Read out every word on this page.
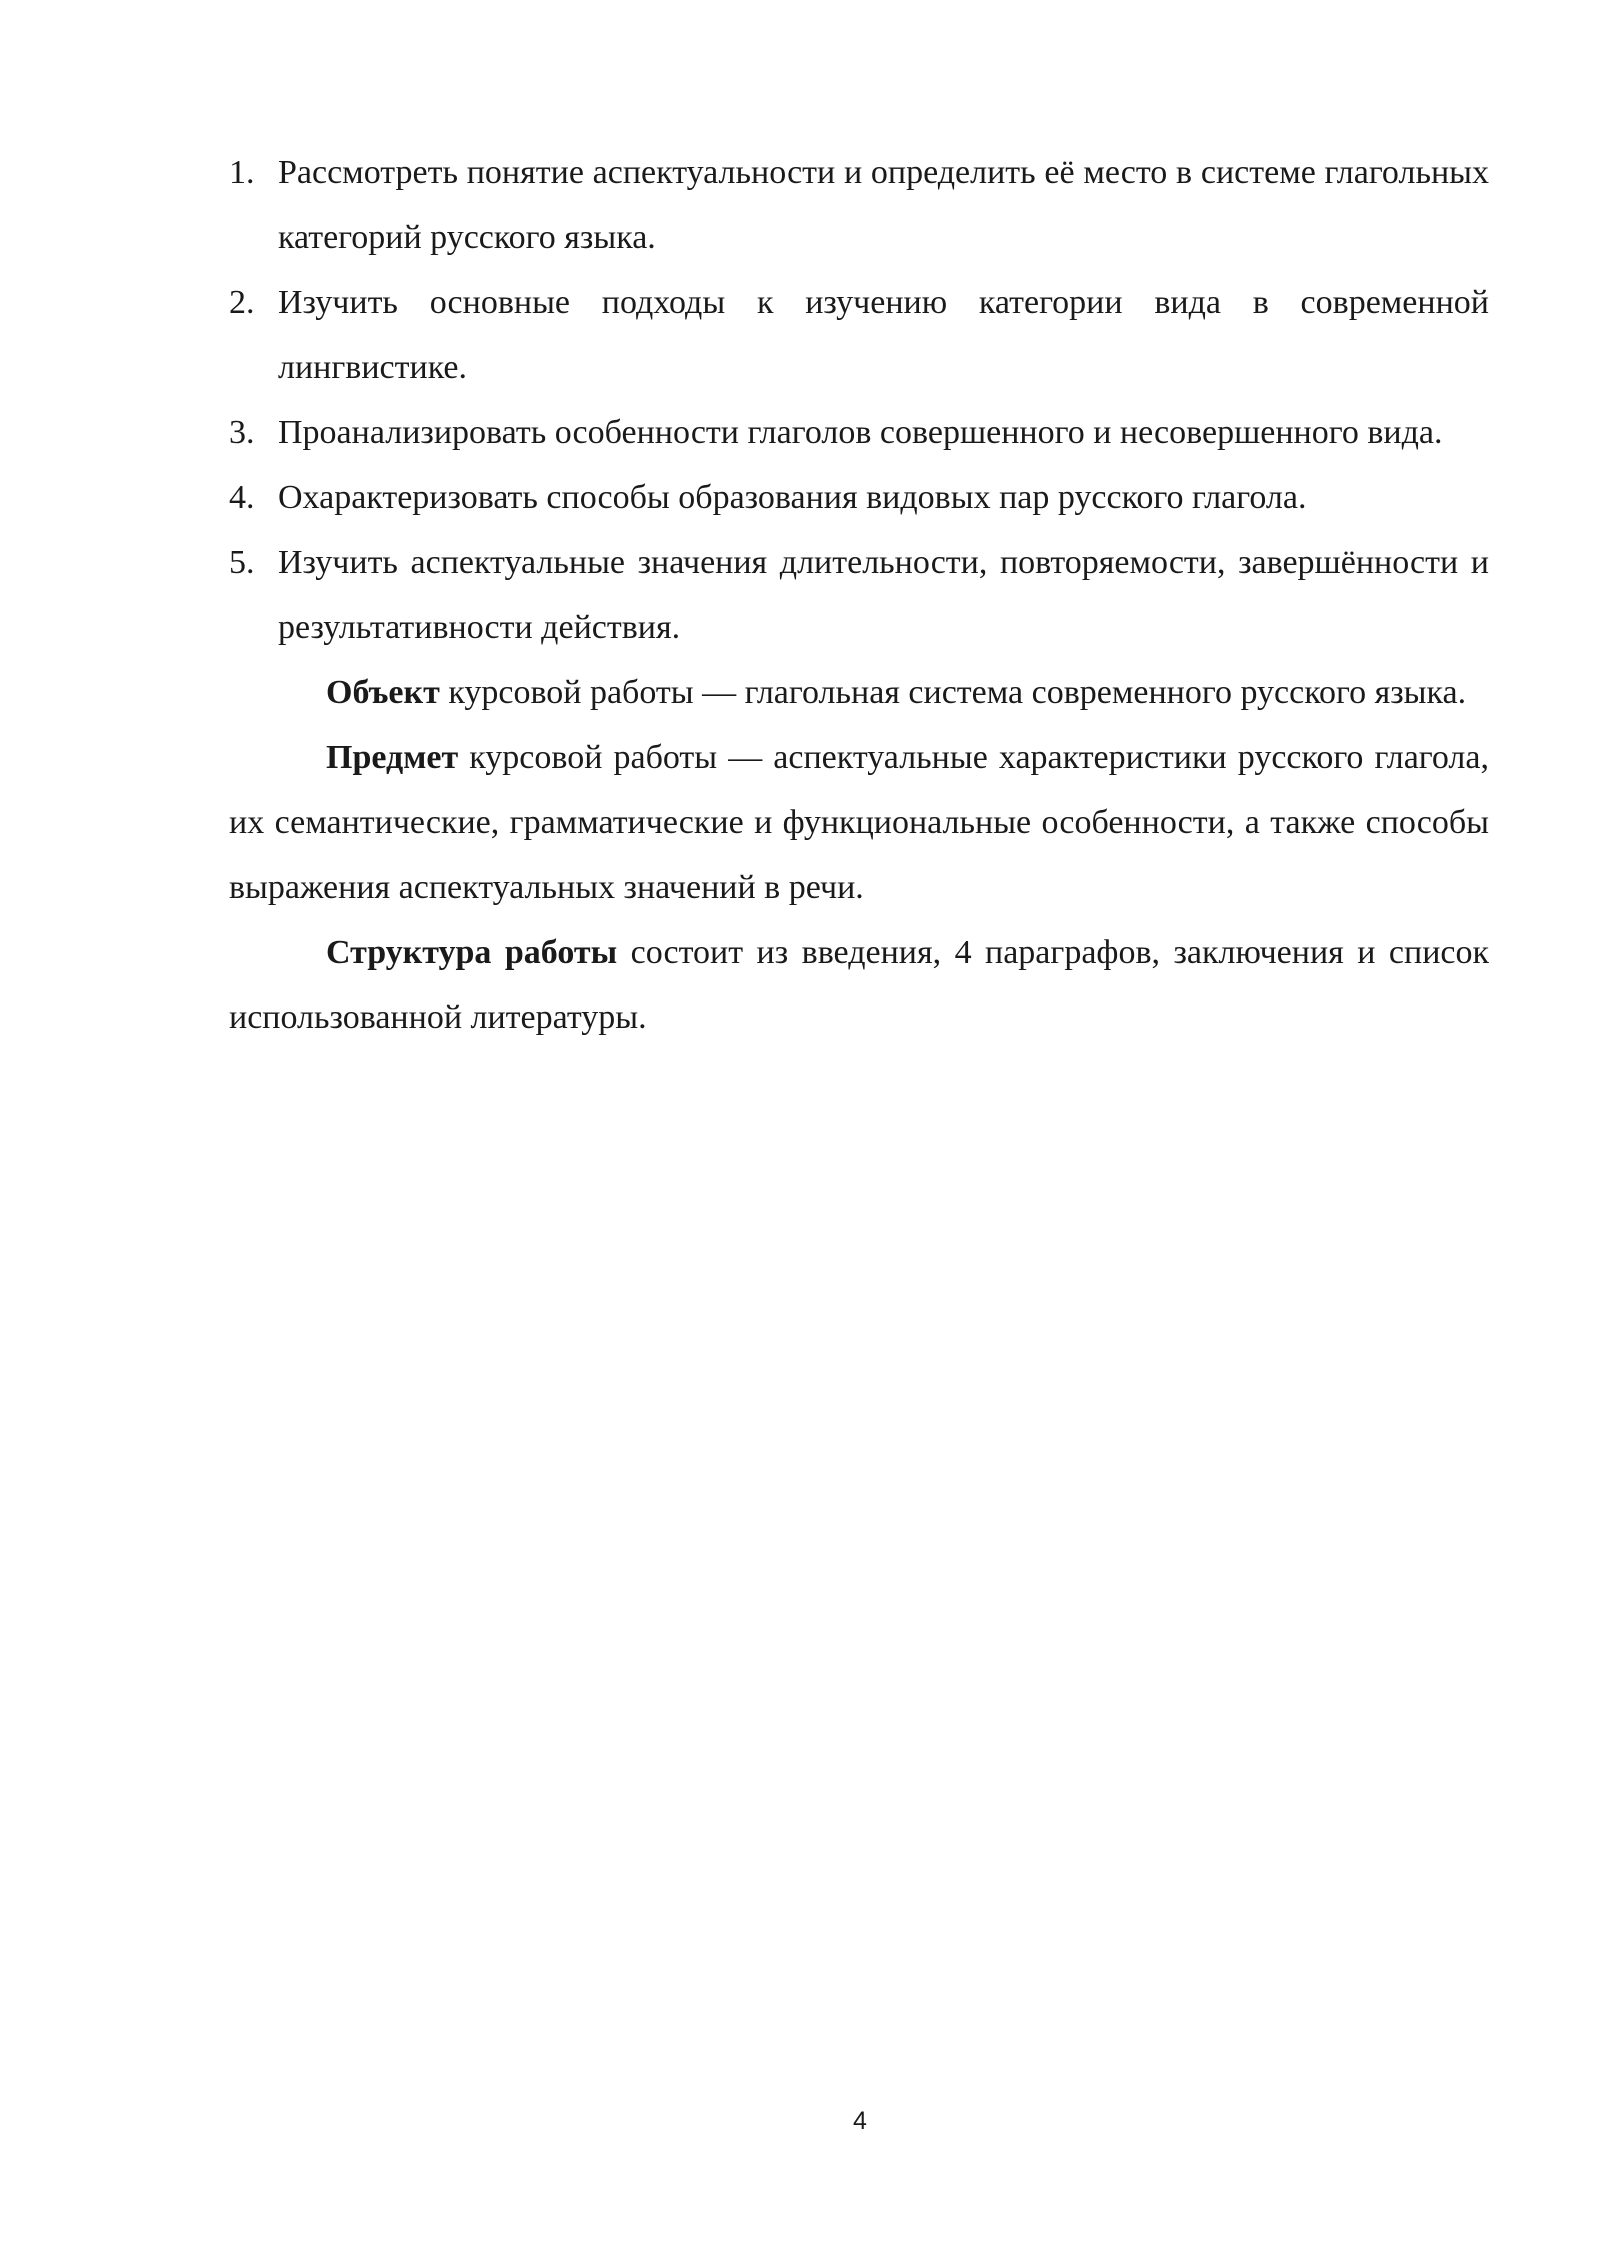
1. Рассмотреть понятие аспектуальности и определить её место в системе глагольных категорий русского языка.
2. Изучить основные подходы к изучению категории вида в современной лингвистике.
3. Проанализировать особенности глаголов совершенного и несовершенного вида.
4. Охарактеризовать способы образования видовых пар русского глагола.
5. Изучить аспектуальные значения длительности, повторяемости, завершённости и результативности действия.

Объект курсовой работы — глагольная система современного русского языка.

Предмет курсовой работы — аспектуальные характеристики русского глагола, их семантические, грамматические и функциональные особенности, а также способы выражения аспектуальных значений в речи.

Структура работы состоит из введения, 4 параграфов, заключения и список использованной литературы.

4
